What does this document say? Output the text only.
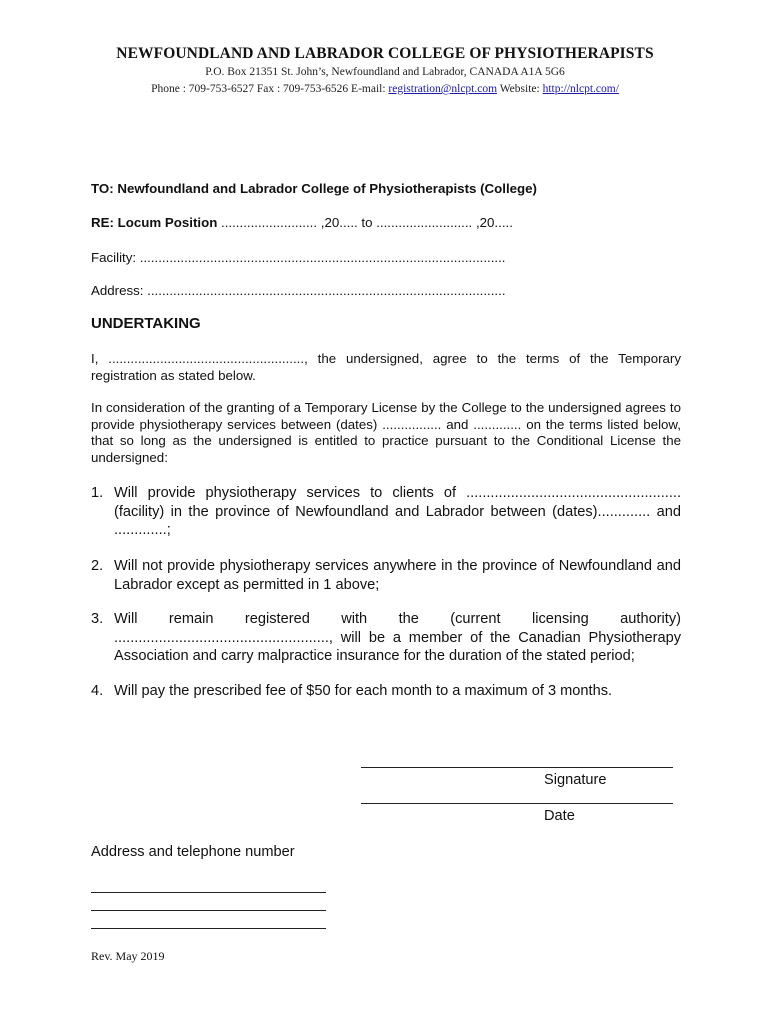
NEWFOUNDLAND AND LABRADOR COLLEGE OF PHYSIOTHERAPISTS

P.O. Box 21351 St. John’s, Newfoundland and Labrador, CANADA A1A 5G6

Phone : 709-753-6527 Fax : 709-753-6526 E-mail: registration@nlcpt.com Website: http://nlcpt.com/

TO: Newfoundland and Labrador College of Physiotherapists (College)
RE: Locum Position .......................... ,20..... to .......................... ,20.....
Facility: ...................................................................................................
Address: .................................................................................................
UNDERTAKING
I, ....................................................., the undersigned, agree to the terms of the Temporary registration as stated below.
In consideration of the granting of a Temporary License by the College to the undersigned agrees to provide physiotherapy services between (dates) ................ and ............. on the terms listed below, that so long as the undersigned is entitled to practice pursuant to the Conditional License the undersigned:
1. Will provide physiotherapy services to clients of ..................................................... (facility) in the province of Newfoundland and Labrador between (dates)............. and .............;
2. Will not provide physiotherapy services anywhere in the province of Newfoundland and Labrador except as permitted in 1 above;
3. Will remain registered with the (current licensing authority) ....................................................., will be a member of the Canadian Physiotherapy Association and carry malpractice insurance for the duration of the stated period;
4. Will pay the prescribed fee of $50 for each month to a maximum of 3 months.
Signature
Date
Address and telephone number
Rev. May 2019
